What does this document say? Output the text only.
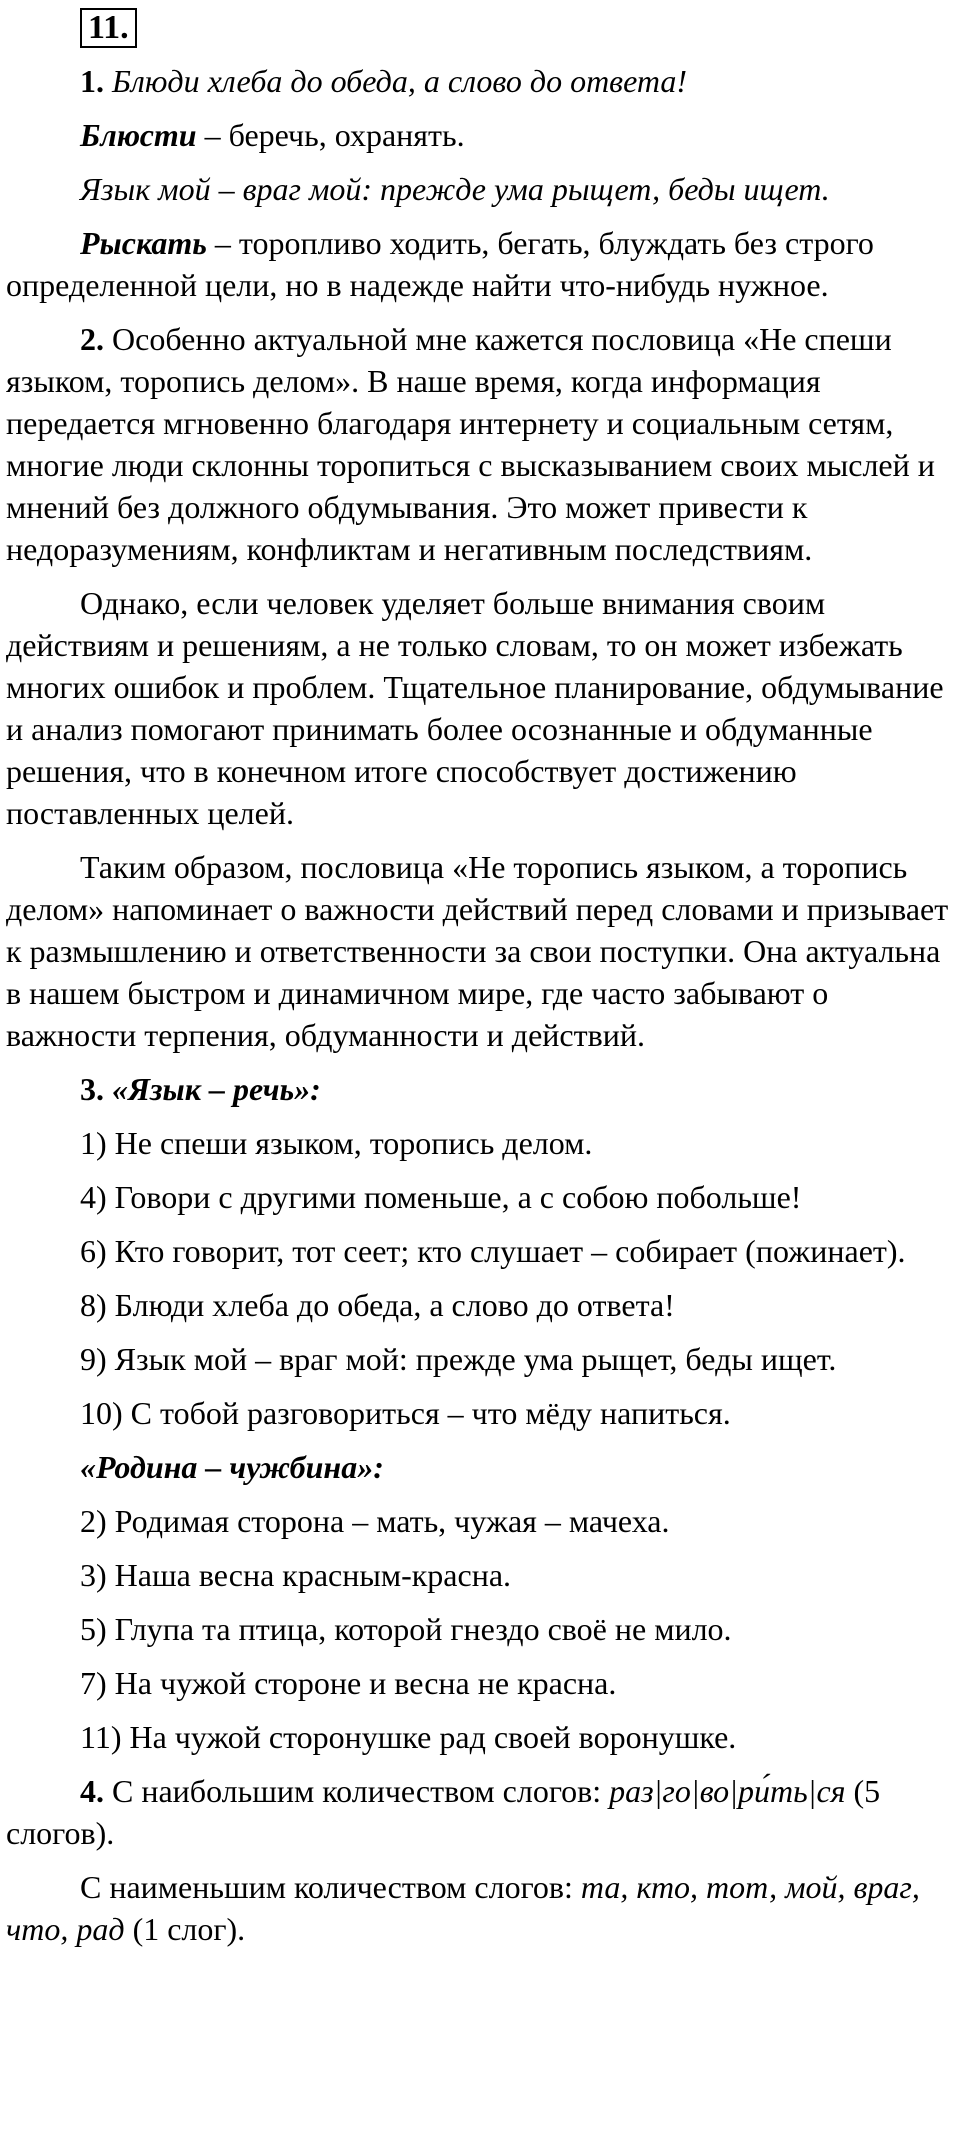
11.

1. Блюди хлеба до обеда, а слово до ответа!

Блюсти – беречь, охранять.

Язык мой – враг мой: прежде ума рыщет, беды ищет.

Рыскать – торопливо ходить, бегать, блуждать без строго определенной цели, но в надежде найти что-нибудь нужное.

2. Особенно актуальной мне кажется пословица «Не спеши языком, торопись делом». В наше время, когда информация передается мгновенно благодаря интернету и социальным сетям, многие люди склонны торопиться с высказыванием своих мыслей и мнений без должного обдумывания. Это может привести к недоразумениям, конфликтам и негативным последствиям.

Однако, если человек уделяет больше внимания своим действиям и решениям, а не только словам, то он может избежать многих ошибок и проблем. Тщательное планирование, обдумывание и анализ помогают принимать более осознанные и обдуманные решения, что в конечном итоге способствует достижению поставленных целей.

Таким образом, пословица «Не торопись языком, а торопись делом» напоминает о важности действий перед словами и призывает к размышлению и ответственности за свои поступки. Она актуальна в нашем быстром и динамичном мире, где часто забывают о важности терпения, обдуманности и действий.

3. «Язык – речь»:

1) Не спеши языком, торопись делом.

4) Говори с другими поменьше, а с собою побольше!

6) Кто говорит, тот сеет; кто слушает – собирает (пожинает).

8) Блюди хлеба до обеда, а слово до ответа!

9) Язык мой – враг мой: прежде ума рыщет, беды ищет.

10) С тобой разговориться – что мёду напиться.

«Родина – чужбина»:

2) Родимая сторона – мать, чужая – мачеха.

3) Наша весна красным-красна.

5) Глупа та птица, которой гнездо своё не мило.

7) На чужой стороне и весна не красна.

11) На чужой сторонушке рад своей воронушке.

4. С наибольшим количеством слогов: раз|го|во|ри́ть|ся (5 слогов).

С наименьшим количеством слогов: та, кто, тот, мой, враг, что, рад (1 слог).
